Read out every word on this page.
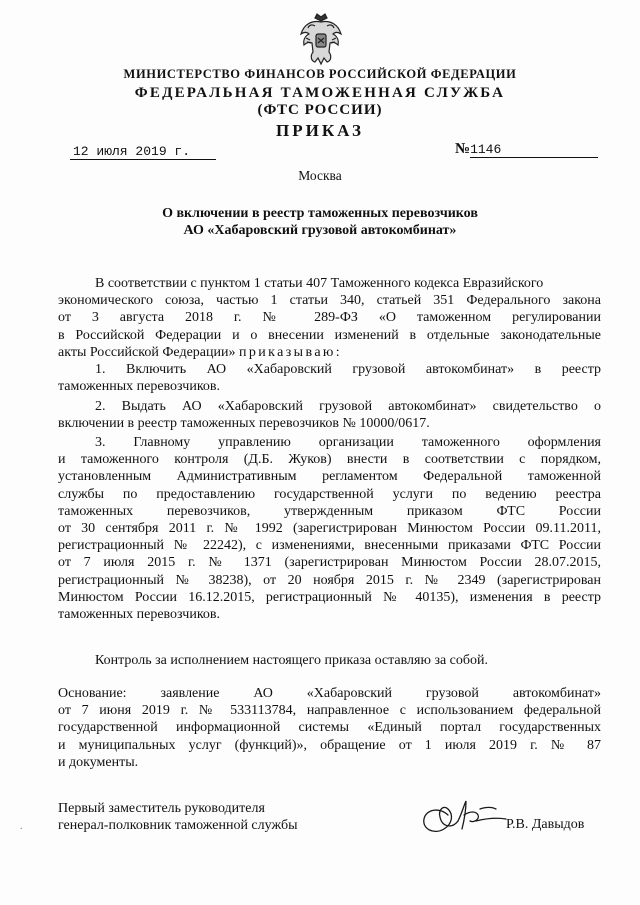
МИНИСТЕРСТВО ФИНАНСОВ РОССИЙСКОЙ ФЕДЕРАЦИИ
ФЕДЕРАЛЬНАЯ ТАМОЖЕННАЯ СЛУЖБА
(ФТС РОССИИ)
ПРИКАЗ
12 июля 2019 г.	№1146
Москва
О включении в реестр таможенных перевозчиков
АО «Хабаровский грузовой автокомбинат»
В соответствии с пунктом 1 статьи 407 Таможенного кодекса Евразийского
экономического союза, частью 1 статьи 340, статьей 351 Федерального закона
от 3 августа 2018 г. № 289-ФЗ «О таможенном регулировании
в Российской Федерации и о внесении изменений в отдельные законодательные
акты Российской Федерации» приказываю:
1. Включить АО «Хабаровский грузовой автокомбинат» в реестр
таможенных перевозчиков.
2. Выдать АО «Хабаровский грузовой автокомбинат» свидетельство о
включении в реестр таможенных перевозчиков № 10000/0617.
3. Главному управлению организации таможенного оформления
и таможенного контроля (Д.Б. Жуков) внести в соответствии с порядком,
установленным Административным регламентом Федеральной таможенной
службы по предоставлению государственной услуги по ведению реестра
таможенных перевозчиков, утвержденным приказом ФТС России
от 30 сентября 2011 г. № 1992 (зарегистрирован Минюстом России 09.11.2011,
регистрационный № 22242), с изменениями, внесенными приказами ФТС России
от 7 июля 2015 г. № 1371 (зарегистрирован Минюстом России 28.07.2015,
регистрационный № 38238), от 20 ноября 2015 г. № 2349 (зарегистрирован
Минюстом России 16.12.2015, регистрационный № 40135), изменения в реестр
таможенных перевозчиков.
Контроль за исполнением настоящего приказа оставляю за собой.
Основание: заявление АО «Хабаровский грузовой автокомбинат»
от 7 июня 2019 г. № 533113784, направленное с использованием федеральной
государственной информационной системы «Единый портал государственных
и муниципальных услуг (функций)», обращение от 1 июля 2019 г. № 87
и документы.
Первый заместитель руководителя
генерал-полковник таможенной службы	Р.В. Давыдов
.
